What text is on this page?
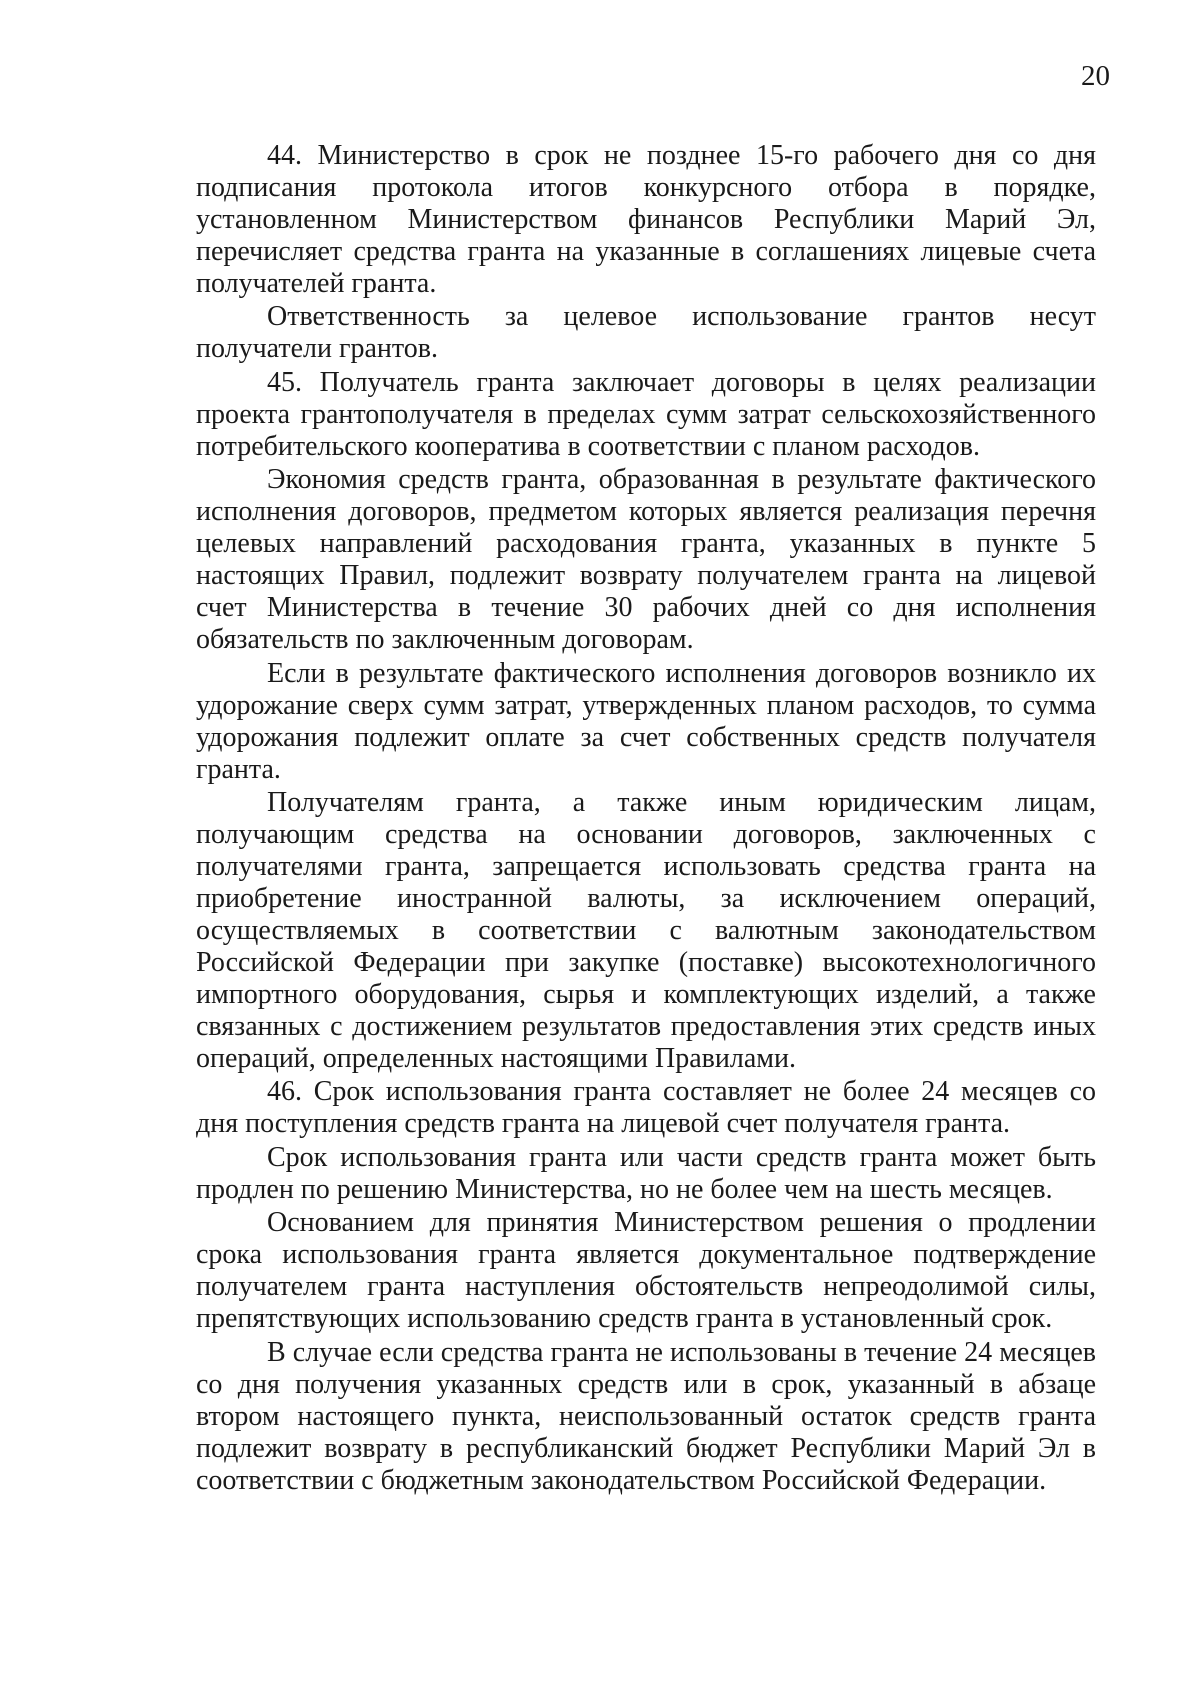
20

44. Министерство в срок не позднее 15-го рабочего дня со дня подписания протокола итогов конкурсного отбора в порядке, установленном Министерством финансов Республики Марий Эл, перечисляет средства гранта на указанные в соглашениях лицевые счета получателей гранта.

Ответственность за целевое использование грантов несут получатели грантов.

45. Получатель гранта заключает договоры в целях реализации проекта грантополучателя в пределах сумм затрат сельскохозяйственного потребительского кооператива в соответствии с планом расходов.

Экономия средств гранта, образованная в результате фактического исполнения договоров, предметом которых является реализация перечня целевых направлений расходования гранта, указанных в пункте 5 настоящих Правил, подлежит возврату получателем гранта на лицевой счет Министерства в течение 30 рабочих дней со дня исполнения обязательств по заключенным договорам.

Если в результате фактического исполнения договоров возникло их удорожание сверх сумм затрат, утвержденных планом расходов, то сумма удорожания подлежит оплате за счет собственных средств получателя гранта.

Получателям гранта, а также иным юридическим лицам, получающим средства на основании договоров, заключенных с получателями гранта, запрещается использовать средства гранта на приобретение иностранной валюты, за исключением операций, осуществляемых в соответствии с валютным законодательством Российской Федерации при закупке (поставке) высокотехнологичного импортного оборудования, сырья и комплектующих изделий, а также связанных с достижением результатов предоставления этих средств иных операций, определенных настоящими Правилами.

46. Срок использования гранта составляет не более 24 месяцев со дня поступления средств гранта на лицевой счет получателя гранта.

Срок использования гранта или части средств гранта может быть продлен по решению Министерства, но не более чем на шесть месяцев.

Основанием для принятия Министерством решения о продлении срока использования гранта является документальное подтверждение получателем гранта наступления обстоятельств непреодолимой силы, препятствующих использованию средств гранта в установленный срок.

В случае если средства гранта не использованы в течение 24 месяцев со дня получения указанных средств или в срок, указанный в абзаце втором настоящего пункта, неиспользованный остаток средств гранта подлежит возврату в республиканский бюджет Республики Марий Эл в соответствии с бюджетным законодательством Российской Федерации.
